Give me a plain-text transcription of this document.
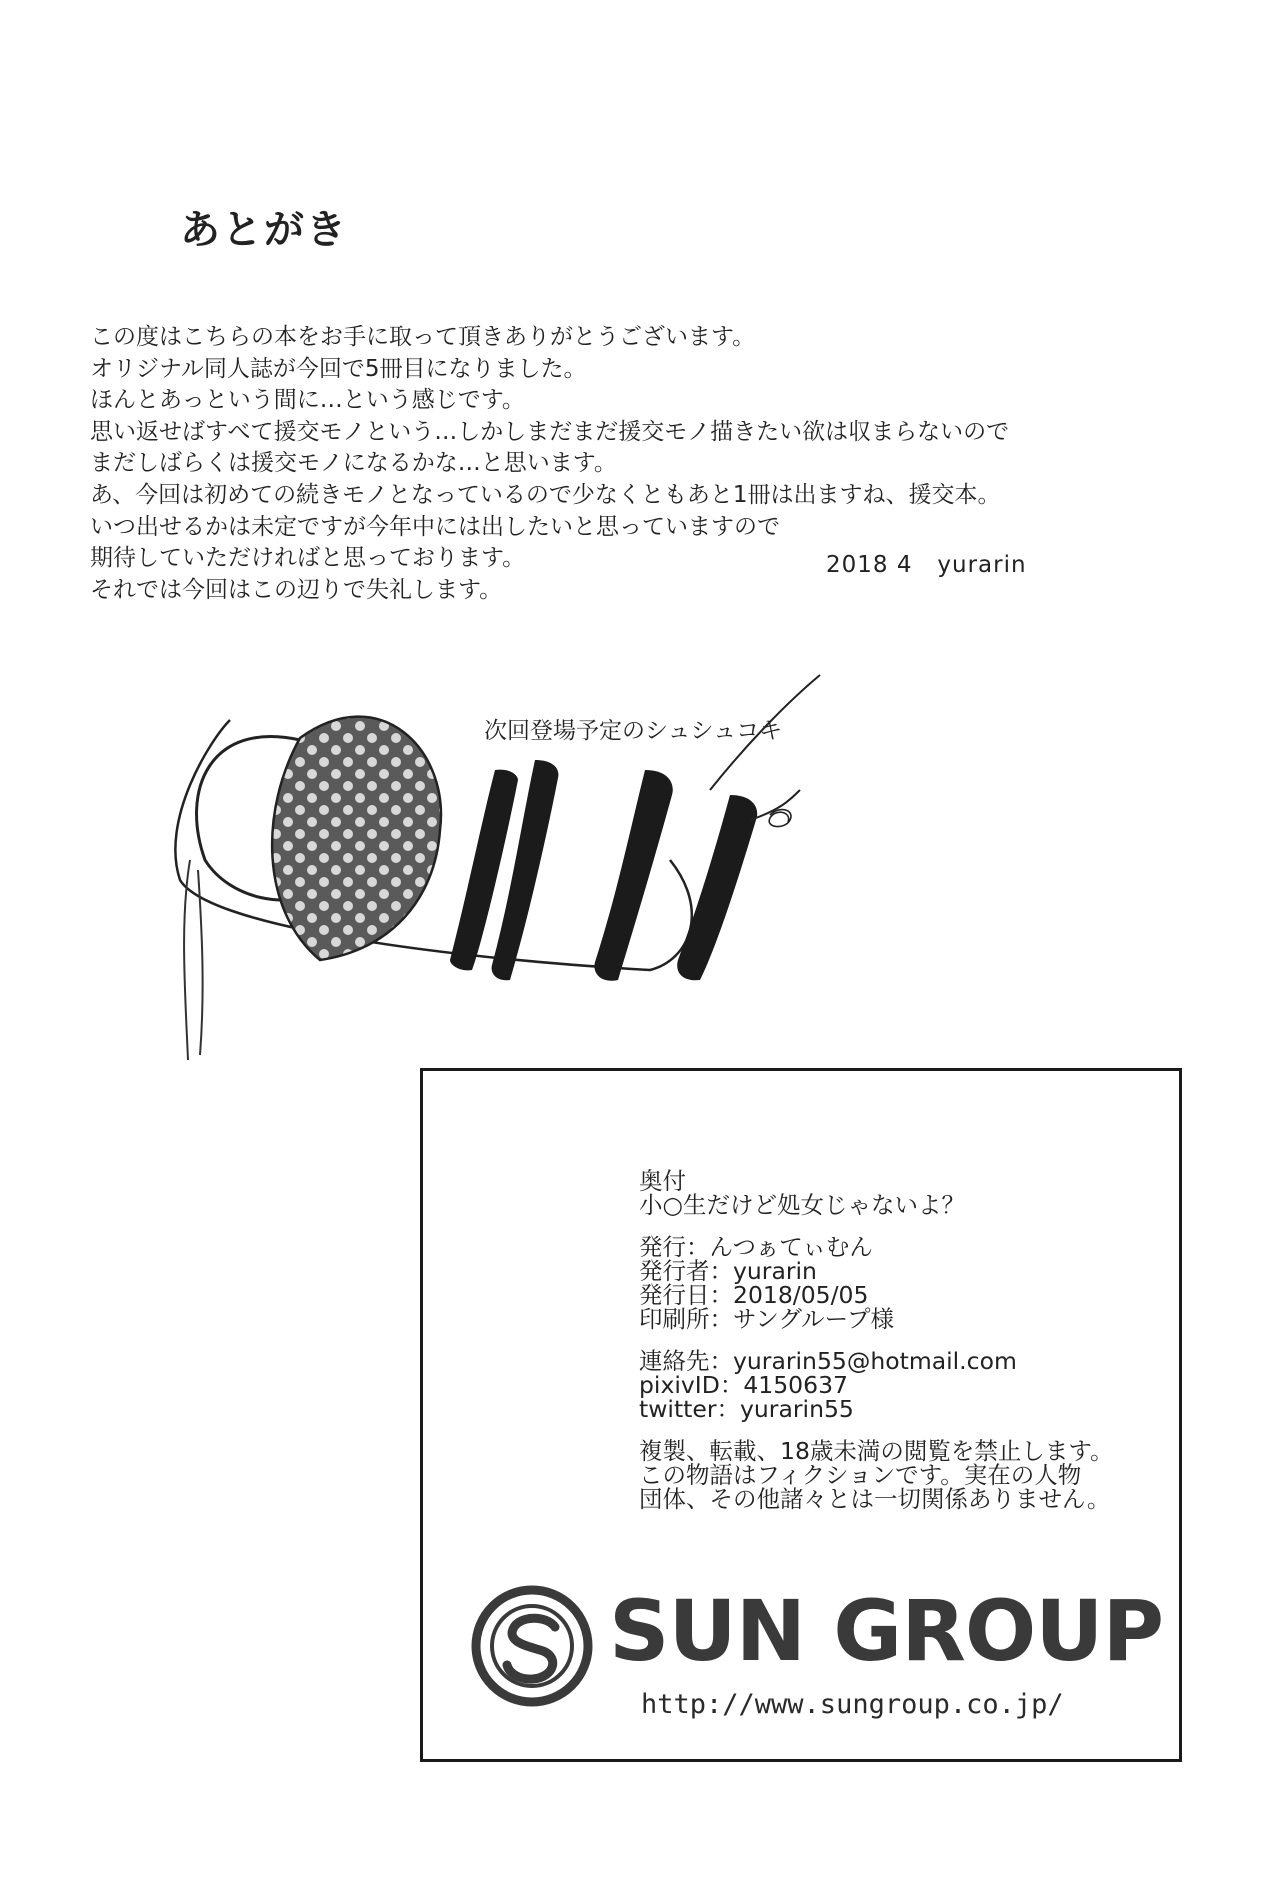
あとがき
この度はこちらの本をお手に取って頂きありがとうございます。
オリジナル同人誌が今回で5冊目になりました。
ほんとあっという間に…という感じです。
思い返せばすべて援交モノという…しかしまだまだ援交モノ描きたい欲は収まらないので
まだしばらくは援交モノになるかな…と思います。
あ、今回は初めての続きモノとなっているので少なくともあと1冊は出ますね、援交本。
いつ出せるかは未定ですが今年中には出したいと思っていますので
期待していただければと思っております。
それでは今回はこの辺りで失礼します。
2018 4   yurarin
次回登場予定のシュシュコキ
奥付
小○生だけど処女じゃないよ？
発行：んつぁてぃむん
発行者：yurarin
発行日：2018/05/05
印刷所：サングループ様
連絡先：yurarin55@hotmail.com
pixivID：4150637
twitter：yurarin55
複製、転載、18歳未満の閲覧を禁止します。
この物語はフィクションです。実在の人物
団体、その他諸々とは一切関係ありません。
SUN GROUP
http://www.sungroup.co.jp/
